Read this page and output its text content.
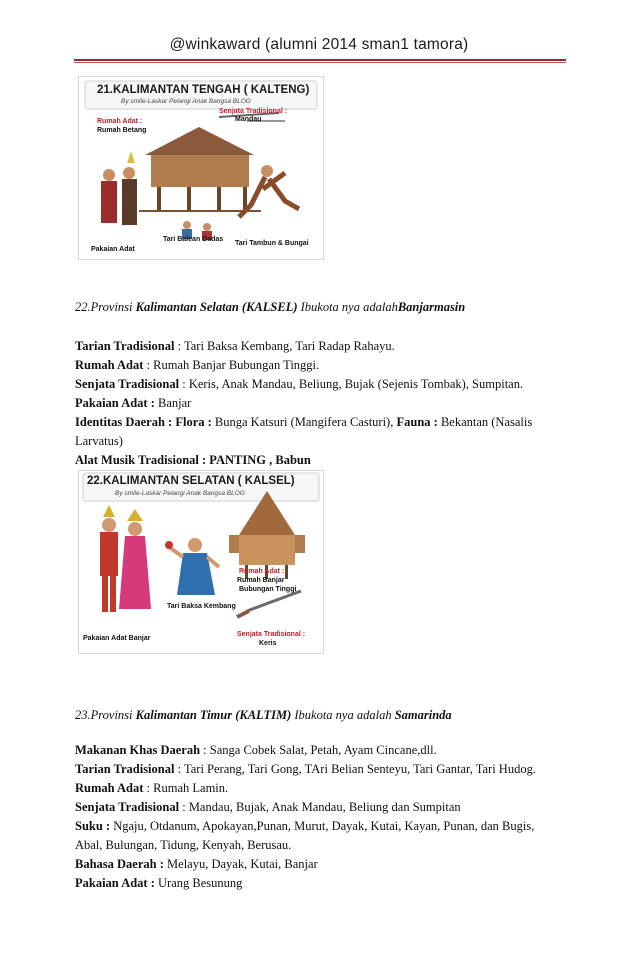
@winkaward (alumni 2014 sman1 tamora)
21.KALIMANTAN TENGAH ( KALTENG)
By smile-Laskar Pelangi Anak Bangsa BLOG
Rumah Adat :
Rumah Betang
Senjata Tradisional :
Mandau
Pakaian Adat
Tari Balean Dadas
Tari Tambun & Bungai
22.Provinsi Kalimantan Selatan (KALSEL) Ibukota nya adalahBanjarmasin
Tarian Tradisional : Tari Baksa Kembang, Tari Radap Rahayu.
Rumah Adat : Rumah Banjar Bubungan Tinggi.
Senjata Tradisional : Keris, Anak Mandau, Beliung, Bujak (Sejenis Tombak), Sumpitan.
Pakaian Adat : Banjar
Identitas Daerah : Flora : Bunga Katsuri (Mangifera Casturi), Fauna : Bekantan (Nasalis
Larvatus)
Alat Musik Tradisional : PANTING , Babun
22.KALIMANTAN SELATAN ( KALSEL)
By smile-Laskar Pelangi Anak Bangsa BLOG
Rumah Adat :
Rumah Banjar
Bubungan Tinggi
Tari Baksa Kembang
Pakaian Adat Banjar
Senjata Tradisional :
Keris
23.Provinsi Kalimantan Timur (KALTIM) Ibukota nya adalah Samarinda
Makanan Khas Daerah : Sanga Cobek Salat, Petah, Ayam Cincane,dll.
Tarian Tradisional : Tari Perang, Tari Gong, TAri Belian Senteyu, Tari Gantar, Tari Hudog.
Rumah Adat : Rumah Lamin.
Senjata Tradisional : Mandau, Bujak, Anak Mandau, Beliung dan Sumpitan
Suku : Ngaju, Otdanum, Apokayan,Punan, Murut, Dayak, Kutai, Kayan, Punan, dan Bugis,
Abal, Bulungan, Tidung, Kenyah, Berusau.
Bahasa Daerah : Melayu, Dayak, Kutai, Banjar
Pakaian Adat : Urang Besunung
